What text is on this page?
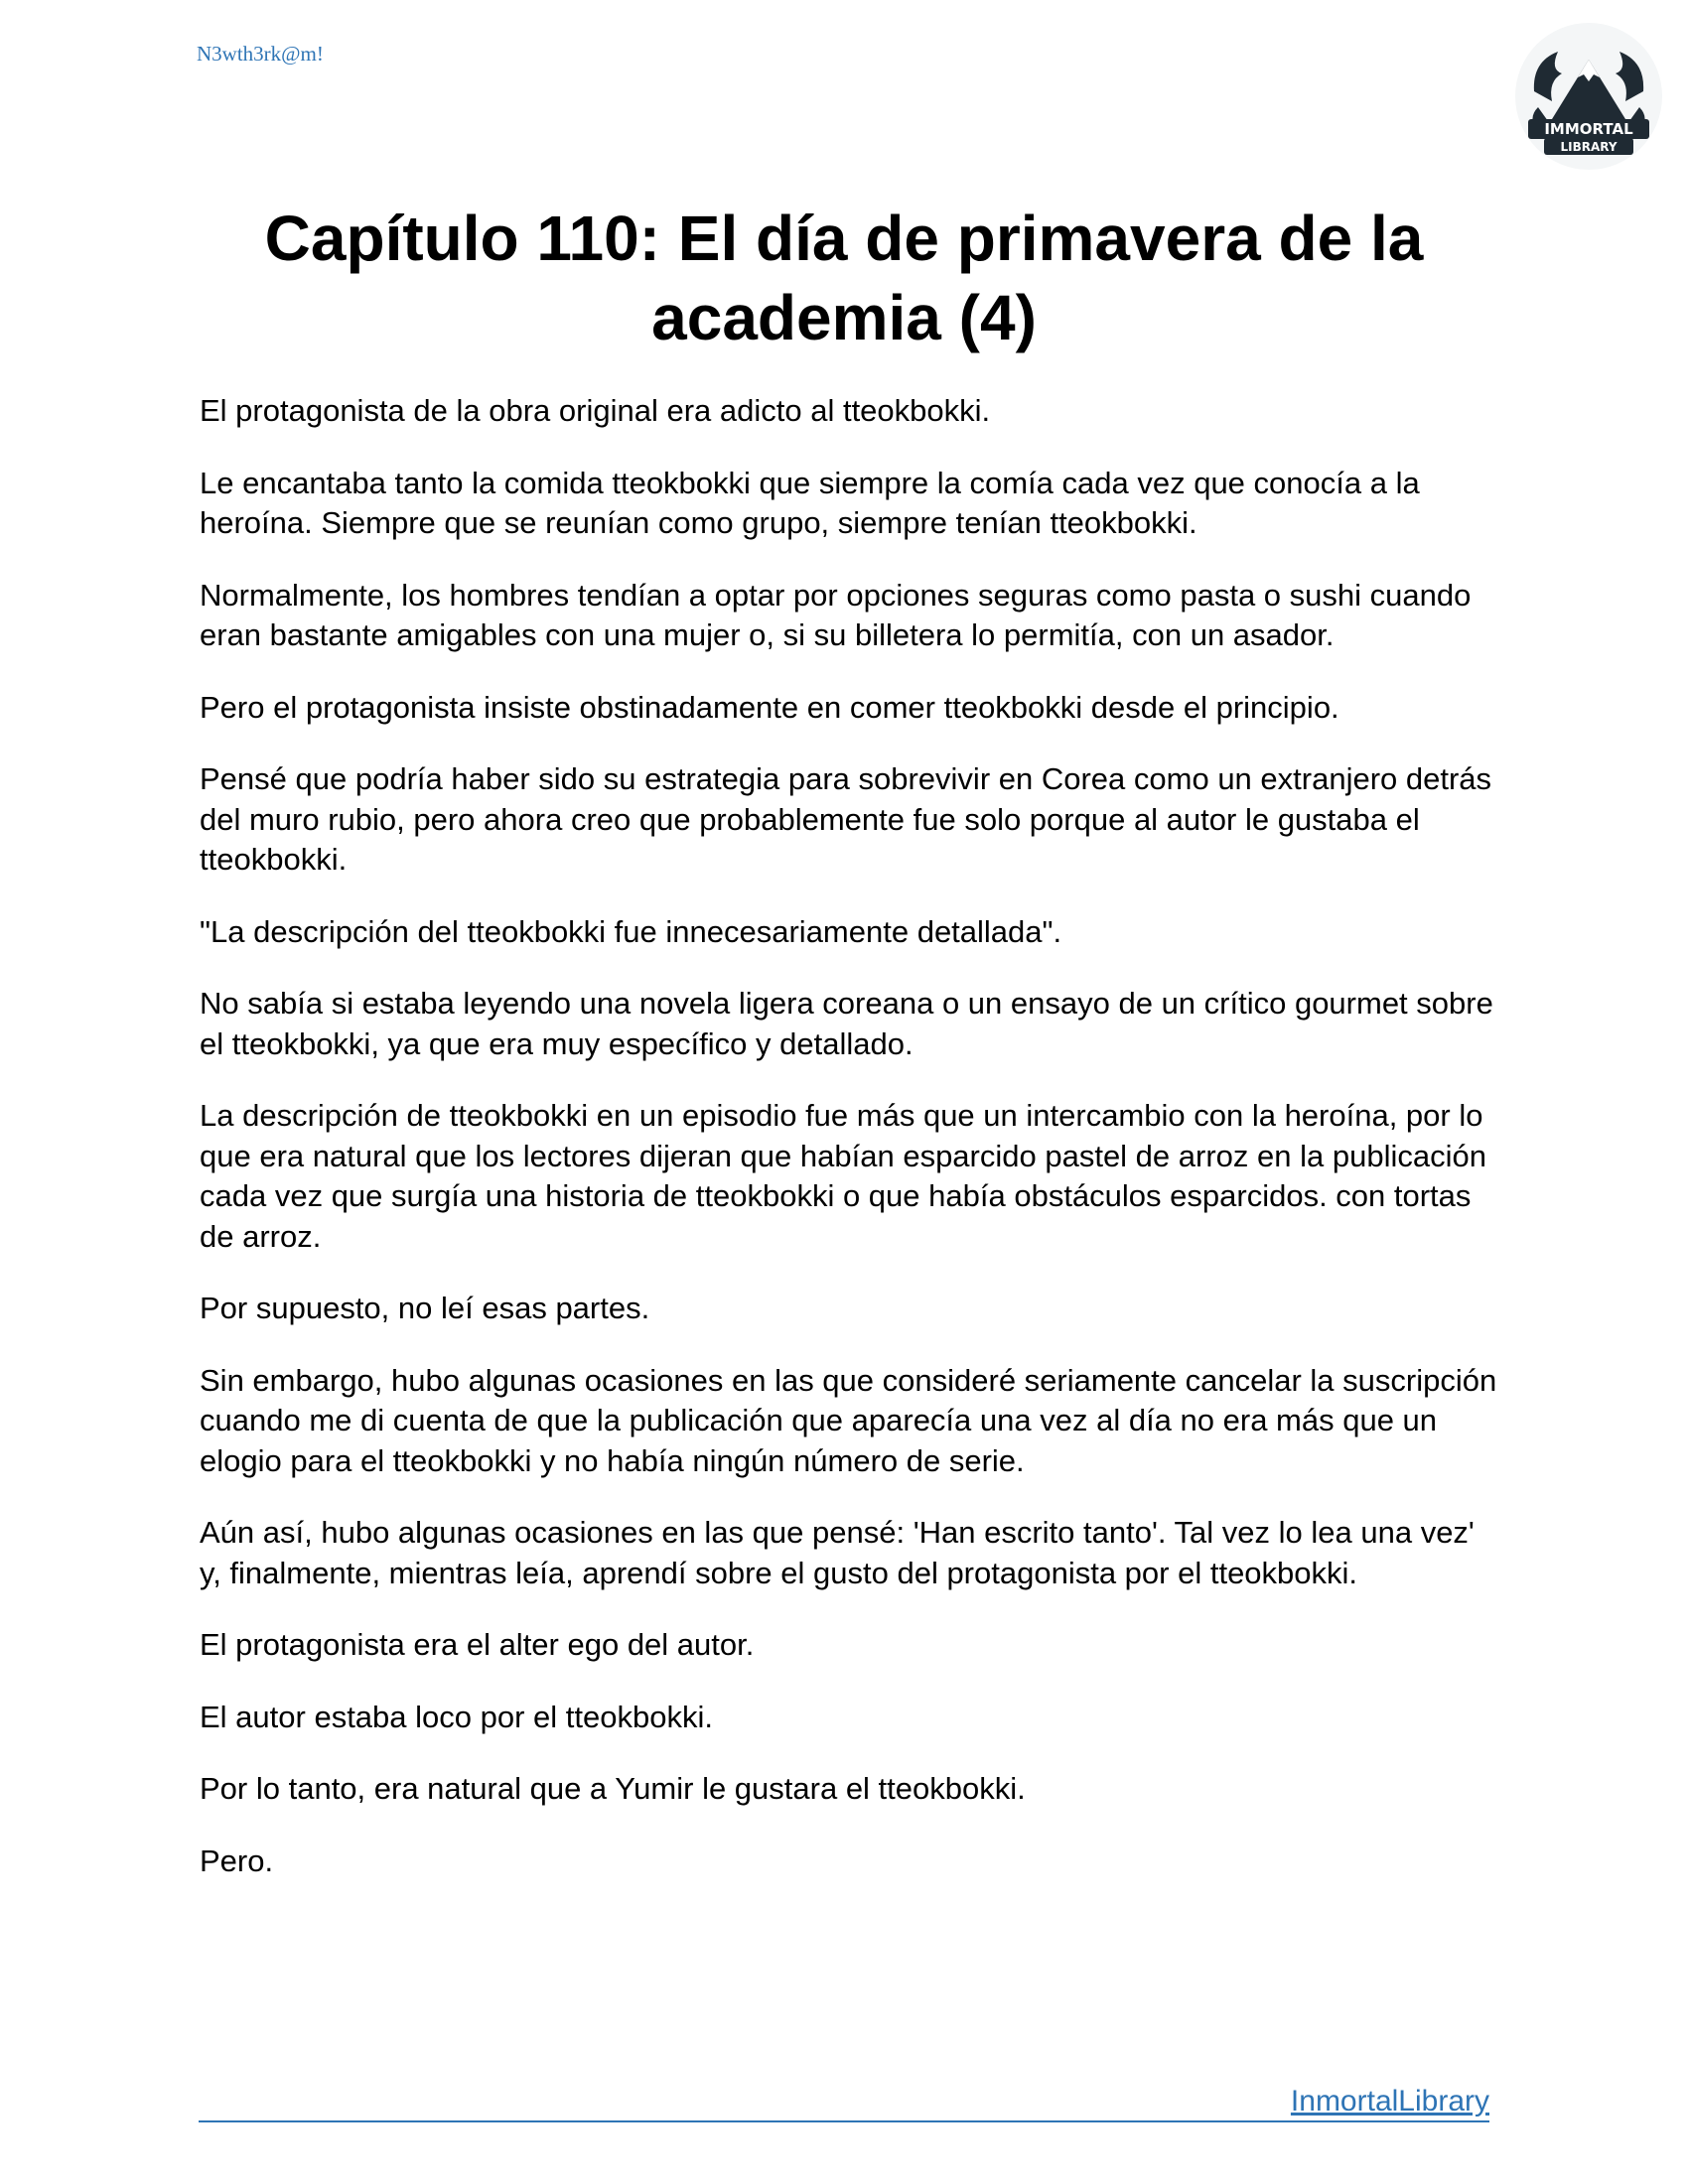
N3wth3rk@m!
IMMORTAL
LIBRARY
Capítulo 110: El día de primavera de la
academia (4)

El protagonista de la obra original era adicto al tteokbokki.

Le encantaba tanto la comida tteokbokki que siempre la comía cada vez que conocía a la heroína. Siempre que se reunían como grupo, siempre tenían tteokbokki.

Normalmente, los hombres tendían a optar por opciones seguras como pasta o sushi cuando eran bastante amigables con una mujer o, si su billetera lo permitía, con un asador.

Pero el protagonista insiste obstinadamente en comer tteokbokki desde el principio.

Pensé que podría haber sido su estrategia para sobrevivir en Corea como un extranjero detrás del muro rubio, pero ahora creo que probablemente fue solo porque al autor le gustaba el tteokbokki.

"La descripción del tteokbokki fue innecesariamente detallada".

No sabía si estaba leyendo una novela ligera coreana o un ensayo de un crítico gourmet sobre el tteokbokki, ya que era muy específico y detallado.

La descripción de tteokbokki en un episodio fue más que un intercambio con la heroína, por lo que era natural que los lectores dijeran que habían esparcido pastel de arroz en la publicación cada vez que surgía una historia de tteokbokki o que había obstáculos esparcidos. con tortas de arroz.

Por supuesto, no leí esas partes.

Sin embargo, hubo algunas ocasiones en las que consideré seriamente cancelar la suscripción cuando me di cuenta de que la publicación que aparecía una vez al día no era más que un elogio para el tteokbokki y no había ningún número de serie.

Aún así, hubo algunas ocasiones en las que pensé: 'Han escrito tanto'. Tal vez lo lea una vez' y, finalmente, mientras leía, aprendí sobre el gusto del protagonista por el tteokbokki.

El protagonista era el alter ego del autor.

El autor estaba loco por el tteokbokki.

Por lo tanto, era natural que a Yumir le gustara el tteokbokki.

Pero.

InmortalLibrary
